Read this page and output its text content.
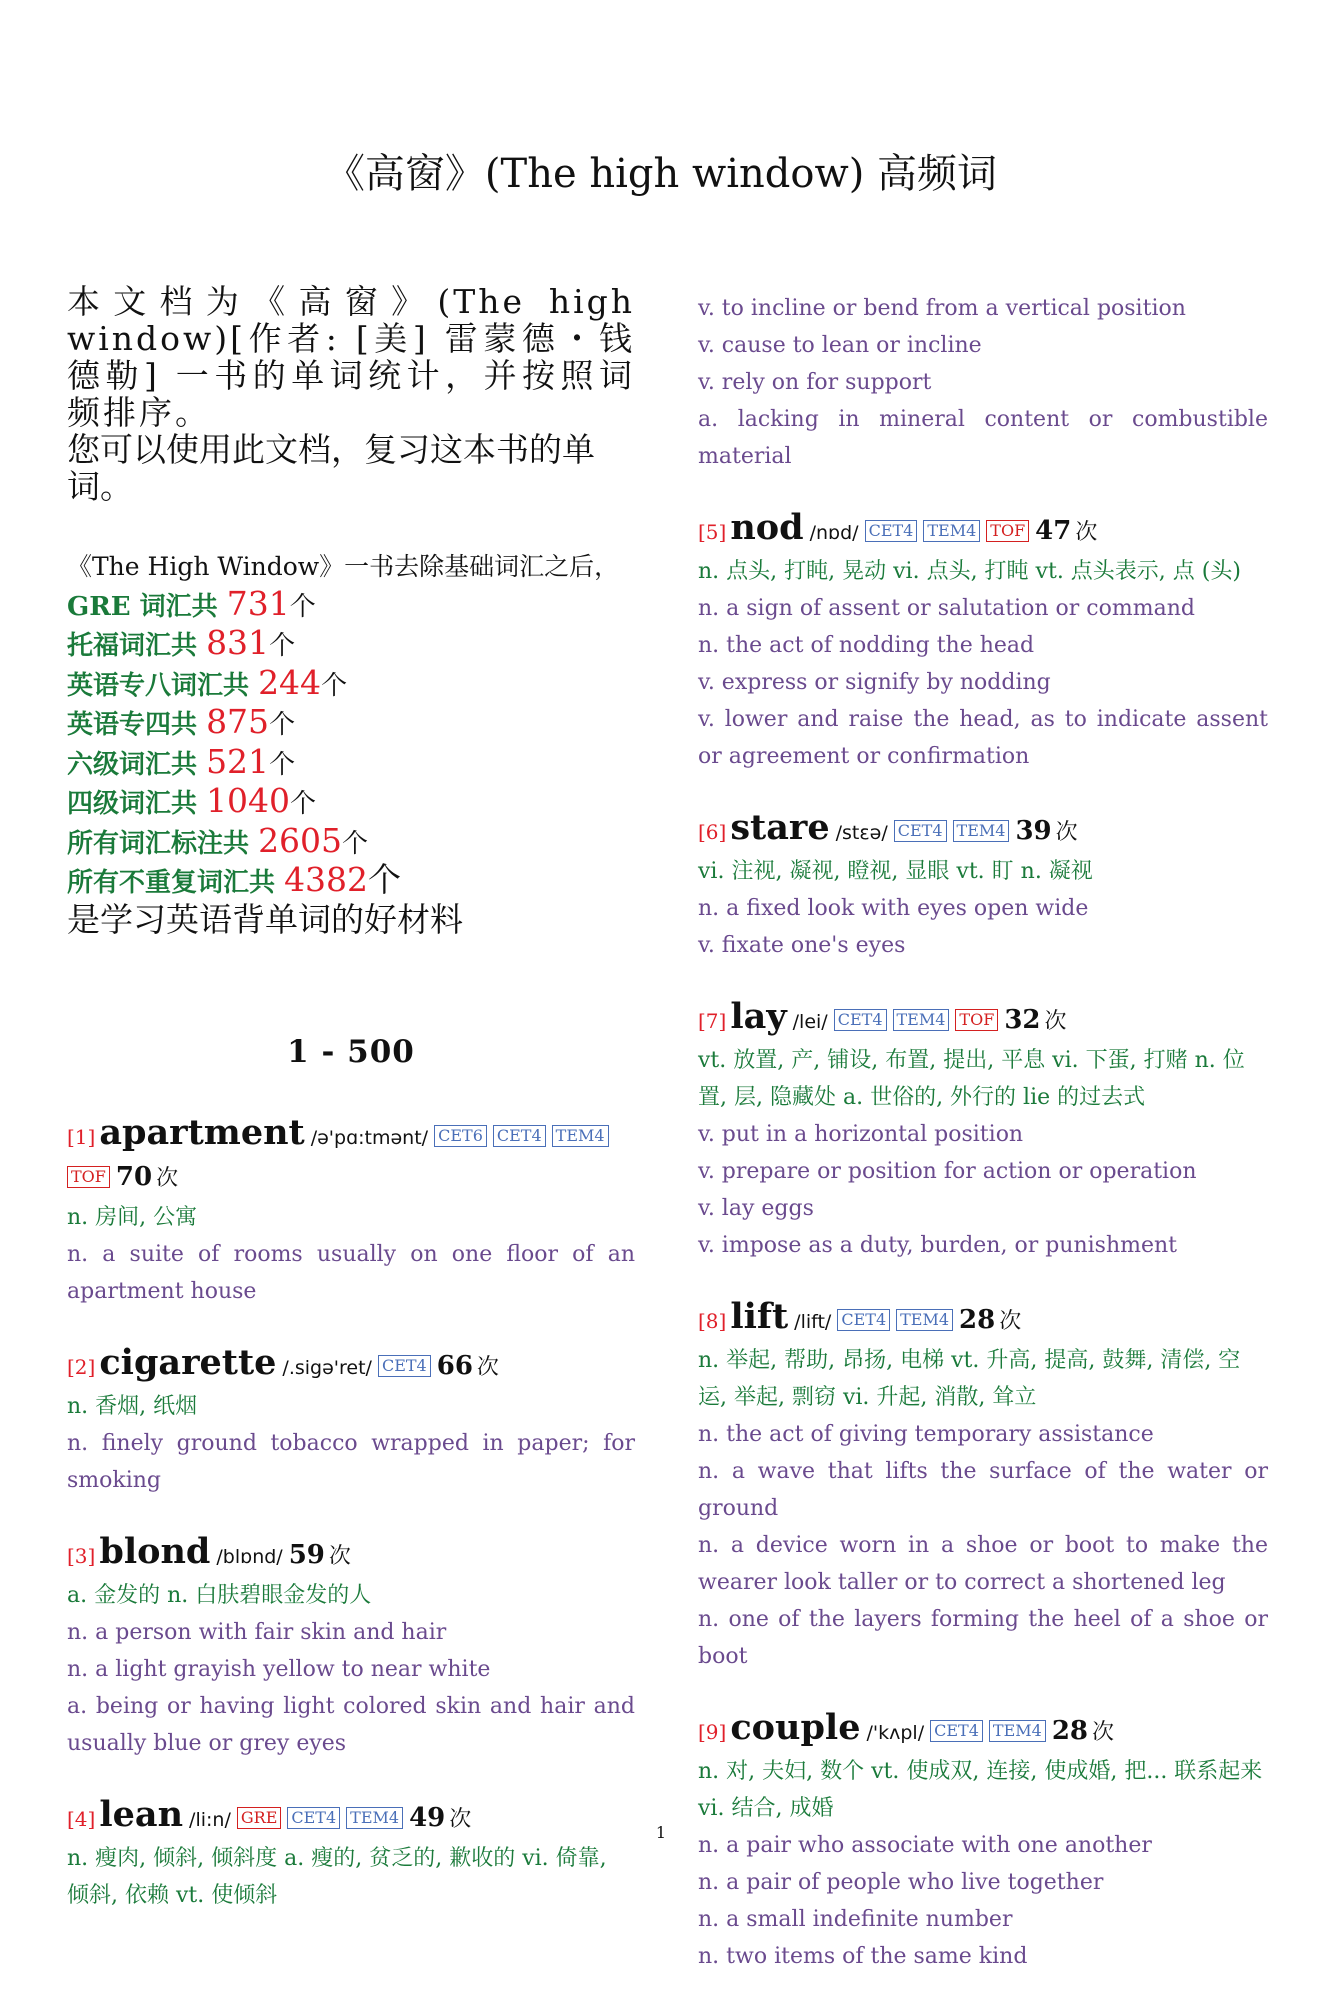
《高窗》(The high window) 高频词

本文档为《高窗》(The high window)[作者: [美] 雷蒙德・钱德勒] 一书的单词统计，并按照词频排序。

您可以使用此文档，复习这本书的单词。

《The High Window》一书去除基础词汇之后，
GRE 词汇共 731个
托福词汇共 831个
英语专八词汇共 244个
英语专四共 875个
六级词汇共 521个
四级词汇共 1040个
所有词汇标注共 2605个
所有不重复词汇共 4382个
是学习英语背单词的好材料
1 - 500
[1] apartment /ə'pɑ:tmənt/ CET6 CET4 TEM4TOF 70 次
n. 房间, 公寓
n. a suite of rooms usually on one floor of an apartment house
[2] cigarette /.sigə'ret/ CET4 66 次
n. 香烟, 纸烟
n. finely ground tobacco wrapped in paper; for smoking
[3] blond /blɒnd/ 59 次
a. 金发的 n. 白肤碧眼金发的人
n. a person with fair skin and hair
n. a light grayish yellow to near white
a. being or having light colored skin and hair and usually blue or grey eyes
[4] lean /li:n/ GRE CET4 TEM4 49 次
n. 瘦肉, 倾斜, 倾斜度 a. 瘦的, 贫乏的, 歉收的 vi. 倚靠, 倾斜, 依赖 vt. 使倾斜
v. to incline or bend from a vertical position
v. cause to lean or incline
v. rely on for support
a. lacking in mineral content or combustible material
[5] nod /nɒd/ CET4 TEM4 TOF 47 次
n. 点头, 打盹, 晃动 vi. 点头, 打盹 vt. 点头表示, 点 (头)
n. a sign of assent or salutation or command
n. the act of nodding the head
v. express or signify by nodding
v. lower and raise the head, as to indicate assent or agreement or confirmation
[6] stare /stεə/ CET4 TEM4 39 次
vi. 注视, 凝视, 瞪视, 显眼 vt. 盯 n. 凝视
n. a fixed look with eyes open wide
v. fixate one's eyes
[7] lay /lei/ CET4 TEM4 TOF 32 次
vt. 放置, 产, 铺设, 布置, 提出, 平息 vi. 下蛋, 打赌 n. 位置, 层, 隐藏处 a. 世俗的, 外行的 lie 的过去式
v. put in a horizontal position
v. prepare or position for action or operation
v. lay eggs
v. impose as a duty, burden, or punishment
[8] lift /lift/ CET4 TEM4 28 次
n. 举起, 帮助, 昂扬, 电梯 vt. 升高, 提高, 鼓舞, 清偿, 空运, 举起, 剽窃 vi. 升起, 消散, 耸立
n. the act of giving temporary assistance
n. a wave that lifts the surface of the water or ground
n. a device worn in a shoe or boot to make the wearer look taller or to correct a shortened leg
n. one of the layers forming the heel of a shoe or boot
[9] couple /'kʌpl/ CET4 TEM4 28 次
n. 对, 夫妇, 数个 vt. 使成双, 连接, 使成婚, 把... 联系起来 vi. 结合, 成婚
n. a pair who associate with one another
n. a pair of people who live together
n. a small indefinite number
n. two items of the same kind
1
